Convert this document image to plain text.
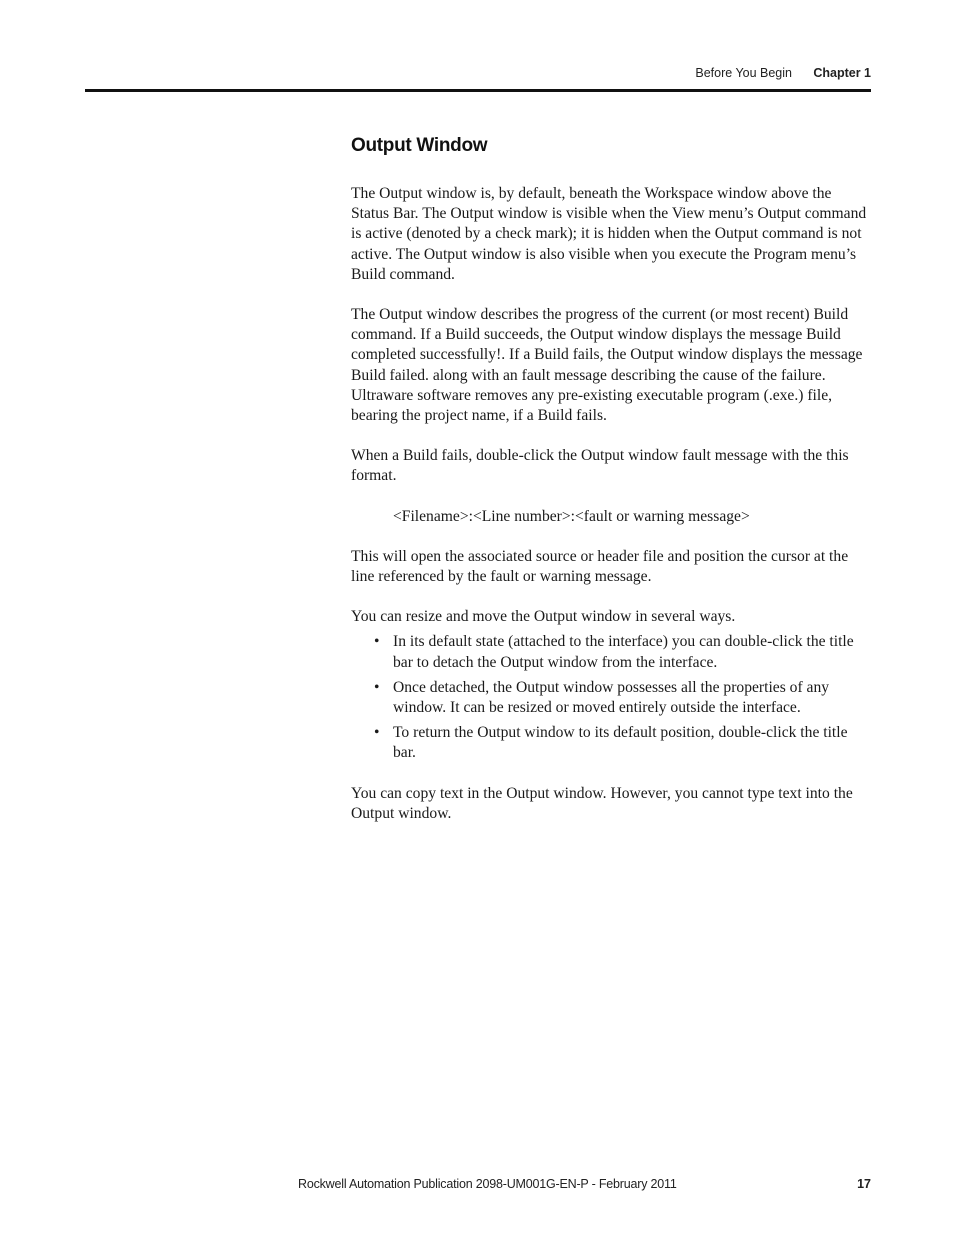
Before You Begin Chapter 1
Output Window

The Output window is, by default, beneath the Workspace window above the Status Bar. The Output window is visible when the View menu’s Output command is active (denoted by a check mark); it is hidden when the Output command is not active. The Output window is also visible when you execute the Program menu’s Build command.

The Output window describes the progress of the current (or most recent) Build command. If a Build succeeds, the Output window displays the message Build completed successfully!. If a Build fails, the Output window displays the message Build failed. along with an fault message describing the cause of the failure. Ultraware software removes any pre-existing executable program (.exe.) file, bearing the project name, if a Build fails.

When a Build fails, double-click the Output window fault message with the this format.

<Filename>:<Line number>:<fault or warning message>

This will open the associated source or header file and position the cursor at the line referenced by the fault or warning message.

You can resize and move the Output window in several ways.

• In its default state (attached to the interface) you can double-click the title bar to detach the Output window from the interface.
• Once detached, the Output window possesses all the properties of any window. It can be resized or moved entirely outside the interface.
• To return the Output window to its default position, double-click the title bar.

You can copy text in the Output window. However, you cannot type text into the Output window.

Rockwell Automation Publication 2098-UM001G-EN-P - February 2011	17
